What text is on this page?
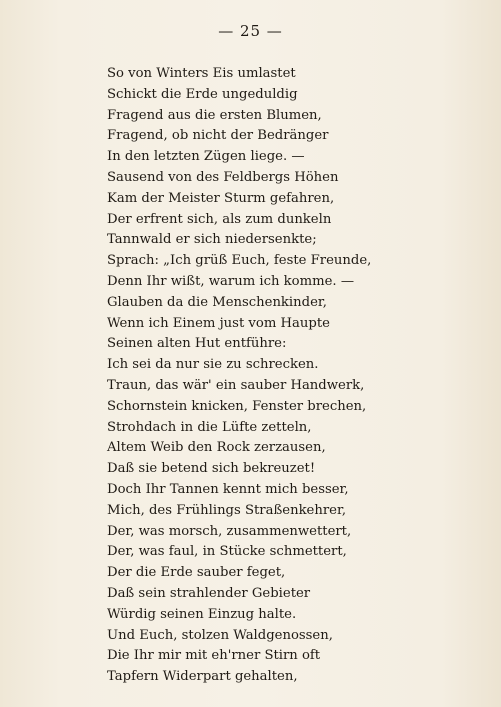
— 25 —
So von Winters Eis umlastet
Schickt die Erde ungeduldig
Fragend aus die ersten Blumen,
Fragend, ob nicht der Bedränger
In den letzten Zügen liege. —
Sausend von des Feldbergs Höhen
Kam der Meister Sturm gefahren,
Der erfrent sich, als zum dunkeln
Tannwald er sich niedersenkte;
Sprach: „Ich grüß Euch, feste Freunde,
Denn Ihr wißt, warum ich komme. —
Glauben da die Menschenkinder,
Wenn ich Einem just vom Haupte
Seinen alten Hut entführe:
Ich sei da nur sie zu schrecken.
Traun, das wär' ein sauber Handwerk,
Schornstein knicken, Fenster brechen,
Strohdach in die Lüfte zetteln,
Altem Weib den Rock zerzausen,
Daß sie betend sich bekreuzet!
Doch Ihr Tannen kennt mich besser,
Mich, des Frühlings Straßenkehrer,
Der, was morsch, zusammenwettert,
Der, was faul, in Stücke schmettert,
Der die Erde sauber feget,
Daß sein strahlender Gebieter
Würdig seinen Einzug halte.
Und Euch, stolzen Waldgenossen,
Die Ihr mir mit eh'rner Stirn oft
Tapfern Widerpart gehalten,
